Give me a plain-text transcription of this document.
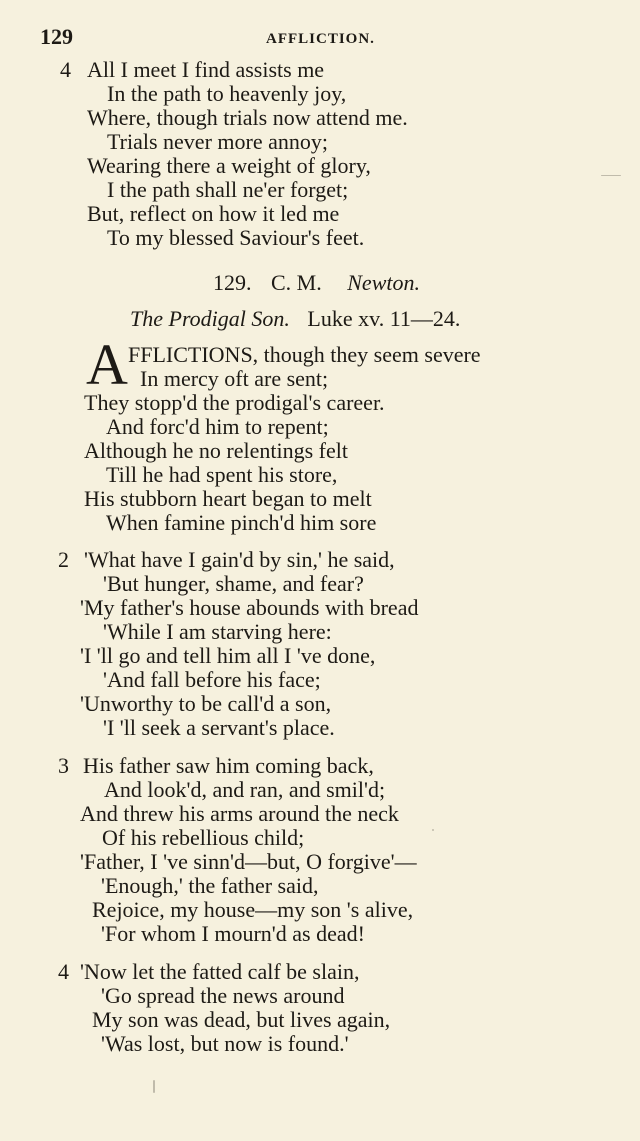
129	AFFLICTION.
4 All I meet I find assists me
In the path to heavenly joy,
Where, though trials now attend me.
Trials never more annoy;
Wearing there a weight of glory,
I the path shall ne'er forget;
But, reflect on how it led me
To my blessed Saviour's feet.
129. C. M. Newton.
The Prodigal Son. Luke xv. 11—24.
A FFLICTIONS, though they seem severe
In mercy oft are sent;
They stopp'd the prodigal's career.
And forc'd him to repent;
Although he no relentings felt
Till he had spent his store,
His stubborn heart began to melt
When famine pinch'd him sore
2 'What have I gain'd by sin,' he said,
'But hunger, shame, and fear?
'My father's house abounds with bread
'While I am starving here:
'I 'll go and tell him all I 've done,
'And fall before his face;
'Unworthy to be call'd a son,
'I 'll seek a servant's place.
3 His father saw him coming back,
And look'd, and ran, and smil'd;
And threw his arms around the neck
Of his rebellious child;
'Father, I 've sinn'd—but, O forgive'—
'Enough,' the father said,
Rejoice, my house—my son 's alive,
'For whom I mourn'd as dead!
4 'Now let the fatted calf be slain,
'Go spread the news around
My son was dead, but lives again,
'Was lost, but now is found.'
